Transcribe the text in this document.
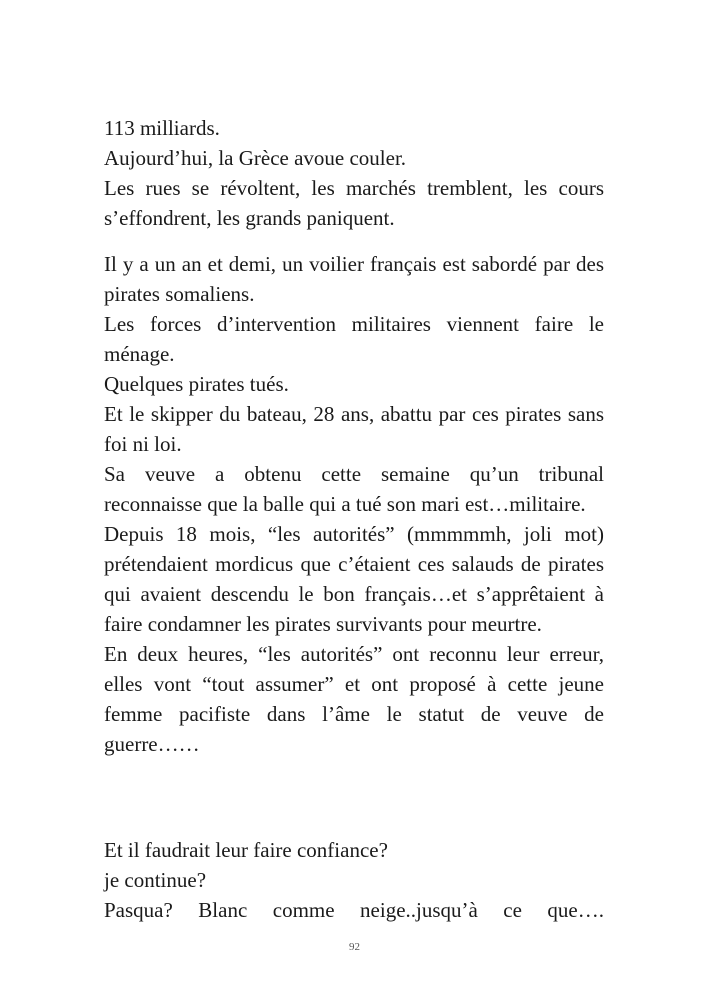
113 milliards.

Aujourd’hui, la Grèce avoue couler.

Les rues se révoltent, les marchés tremblent, les cours s’effondrent, les grands paniquent.

Il y a un an et demi, un voilier français est sabordé par des pirates somaliens.

Les forces d’intervention militaires viennent faire le ménage.

Quelques pirates tués.

Et le skipper du bateau, 28 ans, abattu par ces pirates sans foi ni loi.

Sa veuve a obtenu cette semaine qu’un tribunal reconnaisse que la balle qui a tué son mari est…militaire.

Depuis 18 mois, “les autorités” (mmmmmh, joli mot) prétendaient mordicus que c’étaient ces salauds de pirates qui avaient descendu le bon français…et s’apprêtaient à faire condamner les pirates survivants pour meurtre.

En deux heures, “les autorités” ont reconnu leur erreur, elles vont “tout assumer” et ont proposé à cette jeune femme pacifiste dans l’âme le statut de veuve de guerre……

Et il faudrait leur faire confiance?

je continue?

Pasqua? Blanc comme neige..jusqu’à ce que….

92
